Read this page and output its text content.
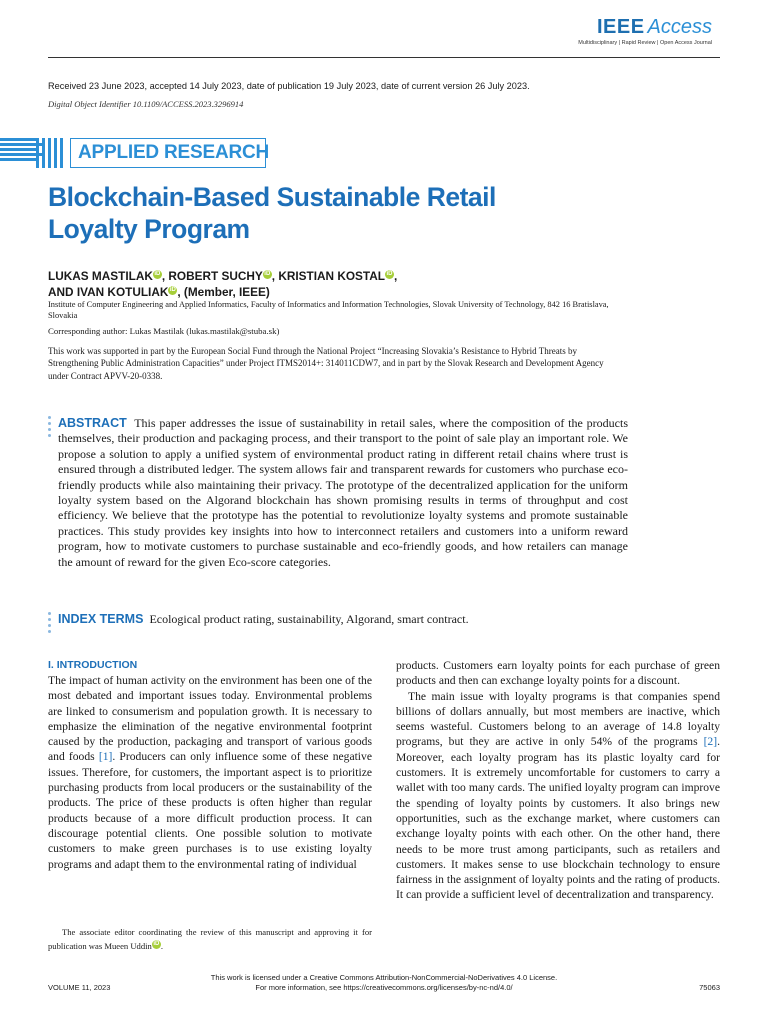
IEEE Access
Multidisciplinary | Rapid Review | Open Access Journal
Received 23 June 2023, accepted 14 July 2023, date of publication 19 July 2023, date of current version 26 July 2023.
Digital Object Identifier 10.1109/ACCESS.2023.3296914
APPLIED RESEARCH
Blockchain-Based Sustainable Retail
Loyalty Program
LUKAS MASTILAK iD , ROBERT SUCHY iD , KRISTIAN KOSTAL iD ,
AND IVAN KOTULIAK iD , (Member, IEEE)
Institute of Computer Engineering and Applied Informatics, Faculty of Informatics and Information Technologies, Slovak University of Technology, 842 16 Bratislava, Slovakia
Corresponding author: Lukas Mastilak (lukas.mastilak@stuba.sk)
This work was supported in part by the European Social Fund through the National Project “Increasing Slovakia’s Resistance to Hybrid Threats by Strengthening Public Administration Capacities” under Project ITMS2014+: 314011CDW7, and in part by the Slovak Research and Development Agency under Contract APVV-20-0338.
ABSTRACT This paper addresses the issue of sustainability in retail sales, where the composition of the products themselves, their production and packaging process, and their transport to the point of sale play an important role. We propose a solution to apply a unified system of environmental product rating in different retail chains where trust is ensured through a distributed ledger. The system allows fair and transparent rewards for customers who purchase eco-friendly products while also maintaining their privacy. The prototype of the decentralized application for the uniform loyalty system based on the Algorand blockchain has shown promising results in terms of throughput and cost efficiency. We believe that the prototype has the potential to revolutionize loyalty systems and promote sustainable practices. This study provides key insights into how to interconnect retailers and customers into a uniform reward program, how to motivate customers to purchase sustainable and eco-friendly goods, and how retailers can manage the amount of reward for the given Eco-score categories.
INDEX TERMS Ecological product rating, sustainability, Algorand, smart contract.
I. INTRODUCTION

The impact of human activity on the environment has been one of the most debated and important issues today. Environmental problems are linked to consumerism and population growth. It is necessary to emphasize the elimination of the negative environmental footprint caused by the production, packaging and transport of various goods and foods [1]. Producers can only influence some of these negative issues. Therefore, for customers, the important aspect is to prioritize purchasing products from local producers or the sustainability of the products. The price of these products is often higher than regular products because of a more difficult production process. It can discourage potential clients. One possible solution to motivate customers to make green purchases is to use existing loyalty programs and adapt them to the environmental rating of individual

The associate editor coordinating the review of this manuscript and approving it for publication was Mueen Uddin iD .

products. Customers earn loyalty points for each purchase of green products and then can exchange loyalty points for a discount.

The main issue with loyalty programs is that companies spend billions of dollars annually, but most members are inactive, which seems wasteful. Customers belong to an average of 14.8 loyalty programs, but they are active in only 54% of the programs [2]. Moreover, each loyalty program has its plastic loyalty card for customers. It is extremely uncomfortable for customers to carry a wallet with too many cards. The unified loyalty program can improve the spending of loyalty points by customers. It also brings new opportunities, such as the exchange market, where customers can exchange loyalty points with each other. On the other hand, there needs to be more trust among participants, such as retailers and customers. It makes sense to use blockchain technology to ensure fairness in the assignment of loyalty points and the rating of products. It can provide a sufficient level of decentralization and transparency.

This work is licensed under a Creative Commons Attribution-NonCommercial-NoDerivatives 4.0 License.
For more information, see https://creativecommons.org/licenses/by-nc-nd/4.0/
VOLUME 11, 2023	75063
